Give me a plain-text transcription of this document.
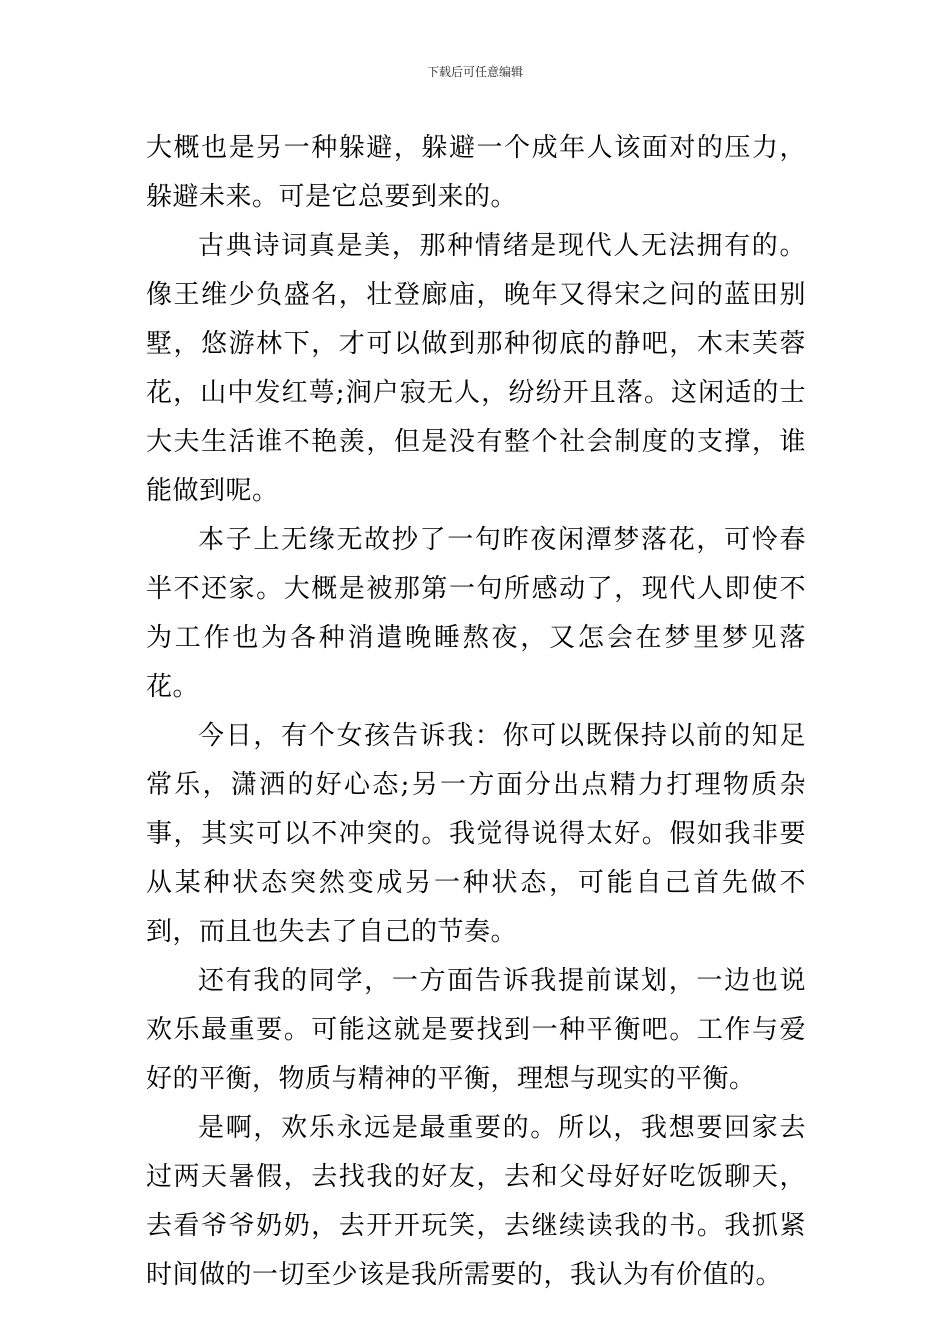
下载后可任意编辑

大概也是另一种躲避，躲避一个成年人该面对的压力，躲避未来。可是它总要到来的。

古典诗词真是美，那种情绪是现代人无法拥有的。像王维少负盛名，壮登廊庙，晚年又得宋之问的蓝田别墅，悠游林下，才可以做到那种彻底的静吧，木末芙蓉花，山中发红萼;涧户寂无人，纷纷开且落。这闲适的士大夫生活谁不艳羡，但是没有整个社会制度的支撑，谁能做到呢。

本子上无缘无故抄了一句昨夜闲潭梦落花，可怜春半不还家。大概是被那第一句所感动了，现代人即使不为工作也为各种消遣晚睡熬夜，又怎会在梦里梦见落花。

今日，有个女孩告诉我：你可以既保持以前的知足常乐，潇洒的好心态;另一方面分出点精力打理物质杂事，其实可以不冲突的。我觉得说得太好。假如我非要从某种状态突然变成另一种状态，可能自己首先做不到，而且也失去了自己的节奏。

还有我的同学，一方面告诉我提前谋划，一边也说欢乐最重要。可能这就是要找到一种平衡吧。工作与爱好的平衡，物质与精神的平衡，理想与现实的平衡。

是啊，欢乐永远是最重要的。所以，我想要回家去过两天暑假，去找我的好友，去和父母好好吃饭聊天，去看爷爷奶奶，去开开玩笑，去继续读我的书。我抓紧时间做的一切至少该是我所需要的，我认为有价值的。
